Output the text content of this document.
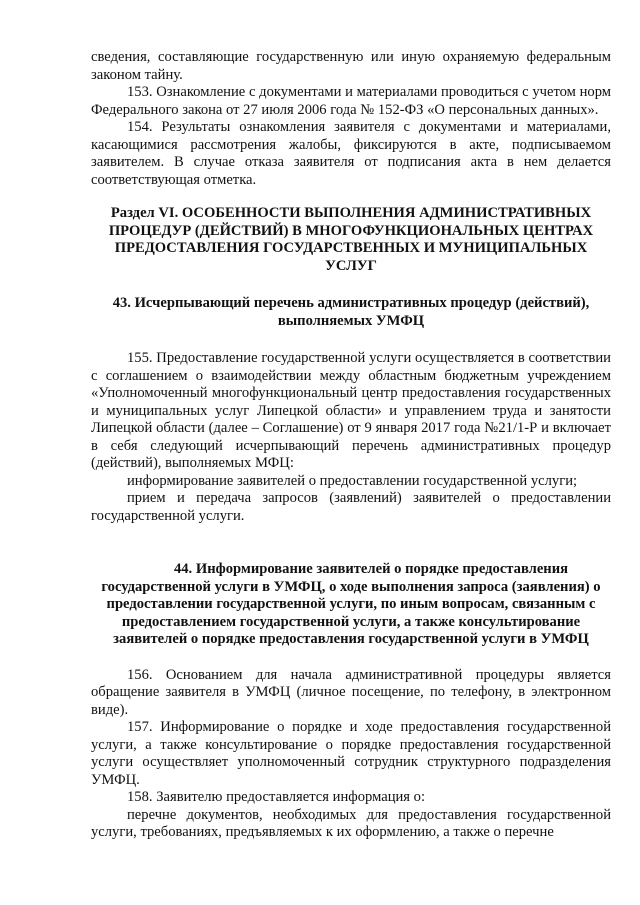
сведения, составляющие государственную или иную охраняемую федеральным законом тайну.

153. Ознакомление с документами и материалами проводиться с учетом норм Федерального закона от 27 июля 2006 года № 152-ФЗ «О персональных данных».

154. Результаты ознакомления заявителя с документами и материалами, касающимися рассмотрения жалобы, фиксируются в акте, подписываемом заявителем. В случае отказа заявителя от подписания акта в нем делается соответствующая отметка.

Раздел VI. ОСОБЕННОСТИ ВЫПОЛНЕНИЯ АДМИНИСТРАТИВНЫХ ПРОЦЕДУР (ДЕЙСТВИЙ) В МНОГОФУНКЦИОНАЛЬНЫХ ЦЕНТРАХ ПРЕДОСТАВЛЕНИЯ ГОСУДАРСТВЕННЫХ И МУНИЦИПАЛЬНЫХ УСЛУГ

43. Исчерпывающий перечень административных процедур (действий), выполняемых УМФЦ

155. Предоставление государственной услуги осуществляется в соответствии с соглашением о взаимодействии между областным бюджетным учреждением «Уполномоченный многофункциональный центр предоставления государственных и муниципальных услуг Липецкой области» и управлением труда и занятости Липецкой области (далее – Соглашение) от 9 января 2017 года №21/1-Р и включает в себя следующий исчерпывающий перечень административных процедур (действий), выполняемых МФЦ:

информирование заявителей о предоставлении государственной услуги;

прием и передача запросов (заявлений) заявителей о предоставлении государственной услуги.

44. Информирование заявителей о порядке предоставления государственной услуги в УМФЦ, о ходе выполнения запроса (заявления) о предоставлении государственной услуги, по иным вопросам, связанным с предоставлением государственной услуги, а также консультирование заявителей о порядке предоставления государственной услуги в УМФЦ

156. Основанием для начала административной процедуры является обращение заявителя в УМФЦ (личное посещение, по телефону, в электронном виде).

157. Информирование о порядке и ходе предоставления государственной услуги, а также консультирование о порядке предоставления государственной услуги осуществляет уполномоченный сотрудник структурного подразделения УМФЦ.

158. Заявителю предоставляется информация о:

перечне документов, необходимых для предоставления государственной услуги, требованиях, предъявляемых к их оформлению, а также о перечне
